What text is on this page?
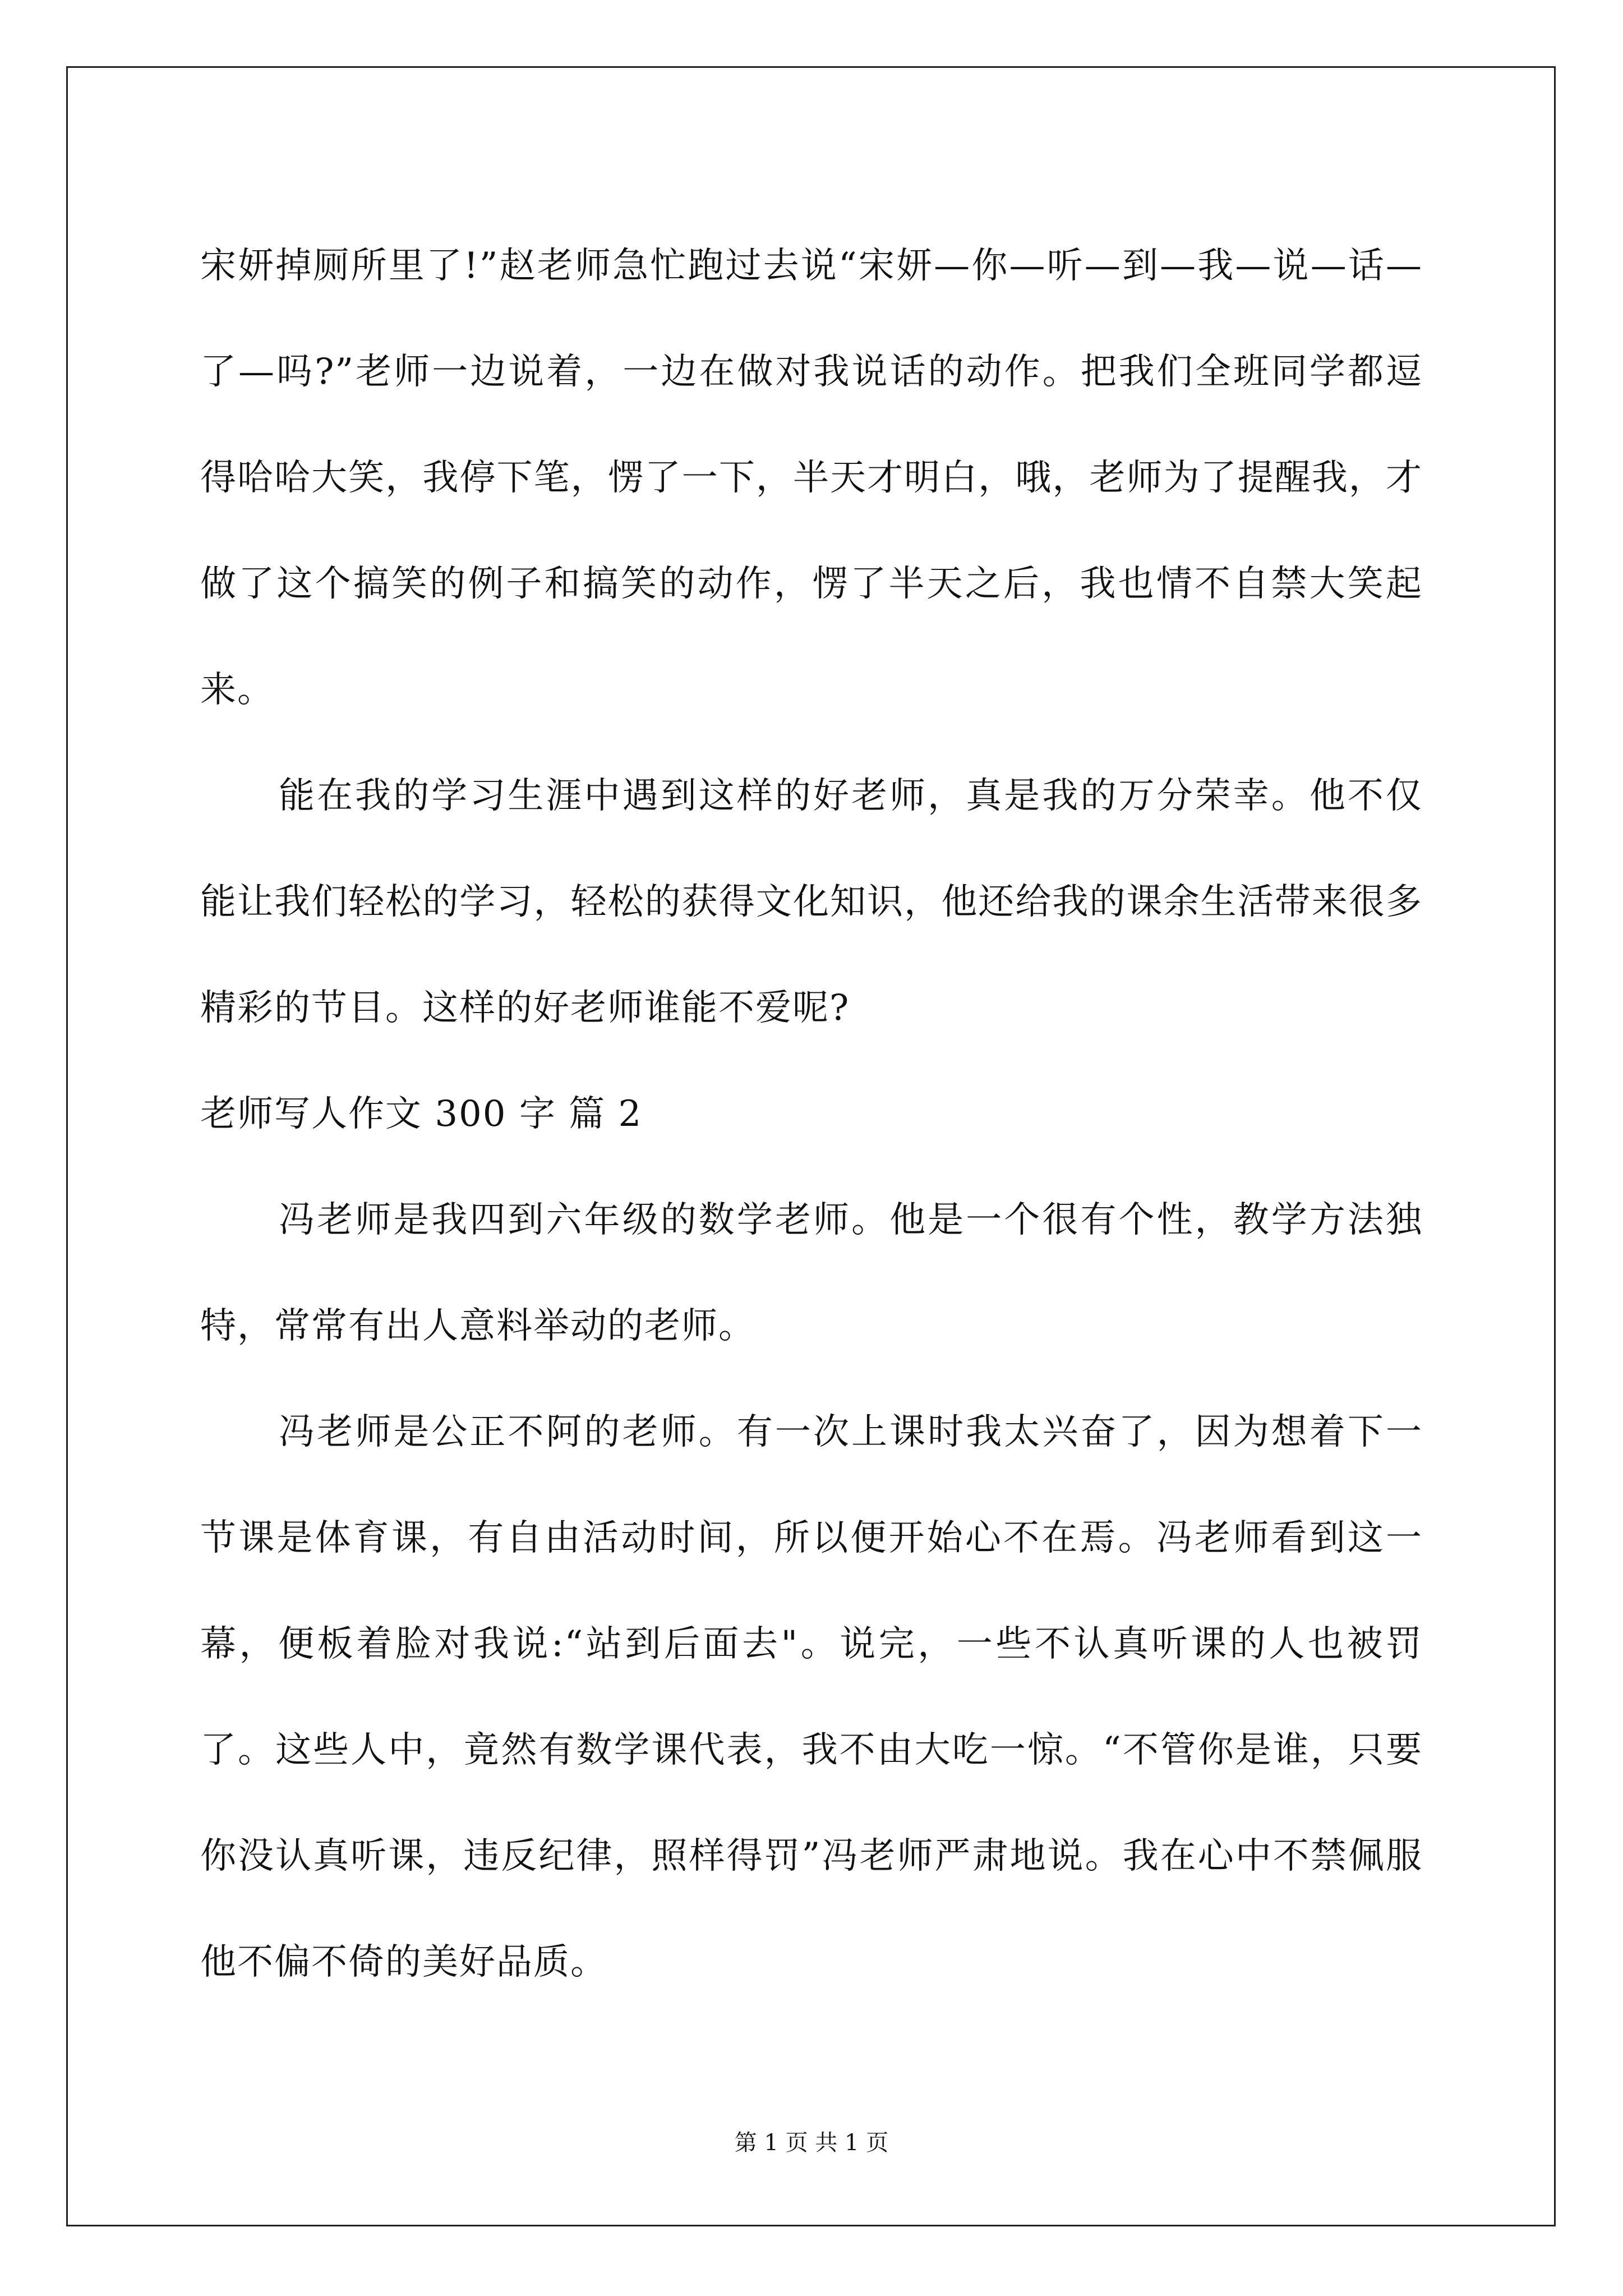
宋妍掉厕所里了!”赵老师急忙跑过去说“宋妍—你—听—到—我—说—话—了—吗?”老师一边说着，一边在做对我说话的动作。把我们全班同学都逗得哈哈大笑，我停下笔，愣了一下，半天才明白，哦，老师为了提醒我，才做了这个搞笑的例子和搞笑的动作，愣了半天之后，我也情不自禁大笑起来。

能在我的学习生涯中遇到这样的好老师，真是我的万分荣幸。他不仅能让我们轻松的学习，轻松的获得文化知识，他还给我的课余生活带来很多精彩的节目。这样的好老师谁能不爱呢?

老师写人作文 300 字 篇 2

冯老师是我四到六年级的数学老师。他是一个很有个性，教学方法独特，常常有出人意料举动的老师。

冯老师是公正不阿的老师。有一次上课时我太兴奋了，因为想着下一节课是体育课，有自由活动时间，所以便开始心不在焉。冯老师看到这一幕，便板着脸对我说:“站到后面去"。说完，一些不认真听课的人也被罚了。这些人中，竟然有数学课代表，我不由大吃一惊。“不管你是谁，只要你没认真听课，违反纪律，照样得罚”冯老师严肃地说。我在心中不禁佩服他不偏不倚的美好品质。

第 1 页 共 1 页
